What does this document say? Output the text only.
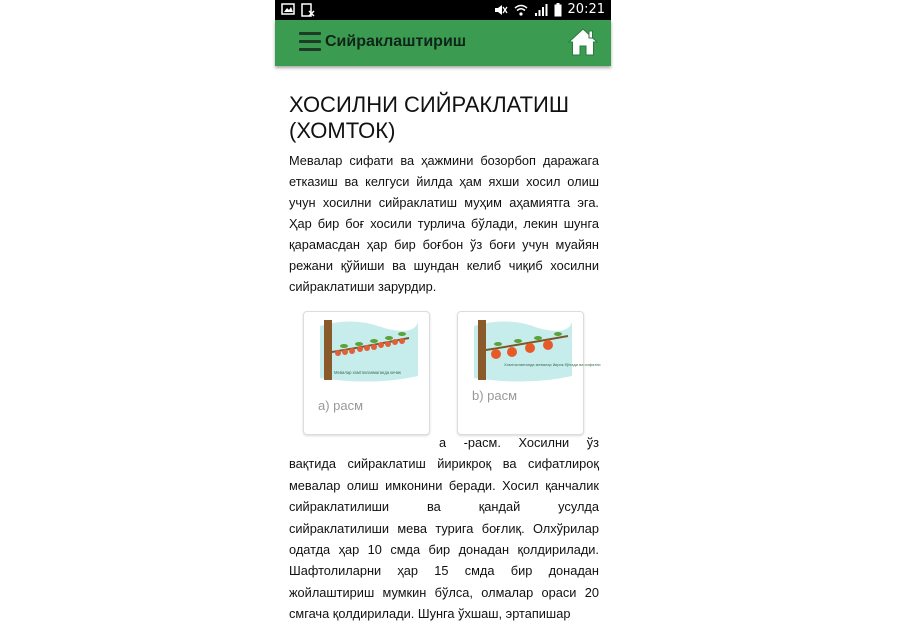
20:21
Сийраклаштириш
ХОСИЛНИ СИЙРАКЛАТИШ (ХОМТОК)

Мевалар сифати ва ҳажмини бозорбоп даражага етказиш ва келгуси йилда ҳам яхши хосил олиш учун хосилни сийраклатиш муҳим аҳамиятга эга. Ҳар бир боғ хосили турлича бўлади, лекин шунга қарамасдан ҳар бир боғбон ўз боғи учун муайян режани қўйиши ва шундан келиб чиқиб хосилни сийраклатиши зарурдир.

Мевалар хомтокланмаганда кичик
а) расм
Хомтокланганда мевалар йирик бўлади ва сифатли
b) расм

а -расм. Хосилни ўз вақтида сийраклатиш йирикроқ ва сифатлироқ мевалар олиш имконини беради. Хосил қанчалик сийраклатилиши ва қандай усулда сийраклатилиши мева турига боғлиқ. Олхўрилар одатда ҳар 10 смда бир донадан қолдирилади. Шафтолиларни ҳар 15 смда бир донадан жойлаштириш мумкин бўлса, олмалар ораси 20 смгача қолдирилади. Шунга ўхшаш, эртапишар
